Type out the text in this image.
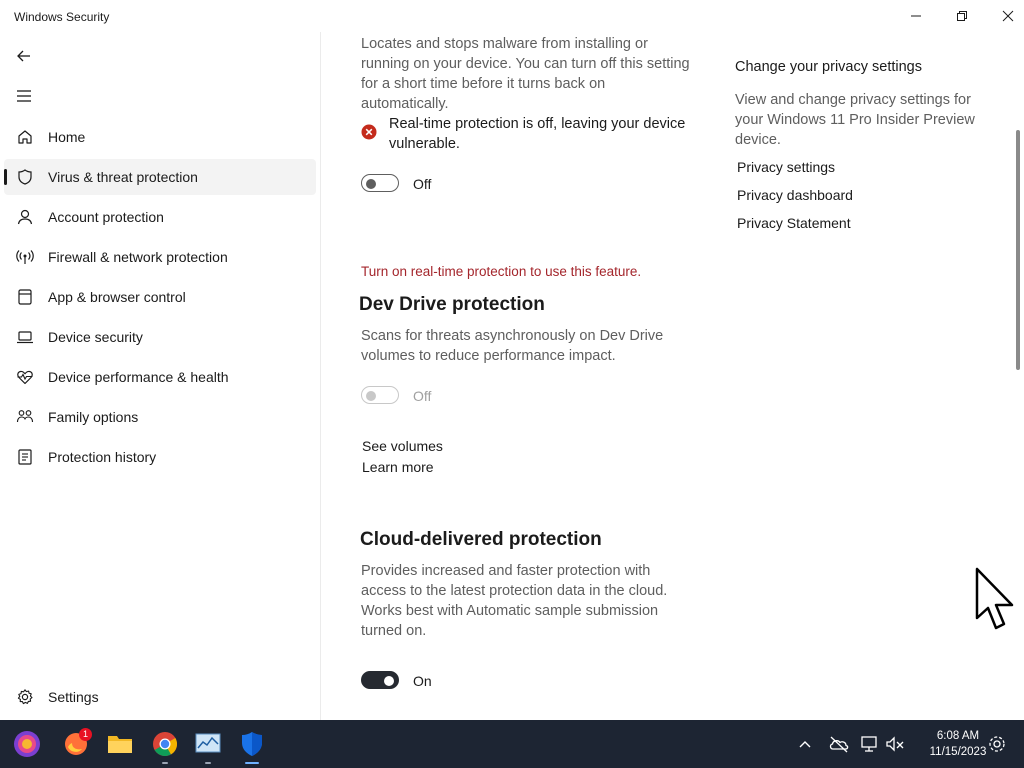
Windows Security
Home
Virus & threat protection
Account protection
Firewall & network protection
App & browser control
Device security
Device performance & health
Family options
Protection history
Settings
Locates and stops malware from installing or running on your device. You can turn off this setting for a short time before it turns back on automatically.
Real-time protection is off, leaving your device vulnerable.
Off
Turn on real-time protection to use this feature.
Dev Drive protection
Scans for threats asynchronously on Dev Drive volumes to reduce performance impact.
Off
See volumes
Learn more
Cloud-delivered protection
Provides increased and faster protection with access to the latest protection data in the cloud. Works best with Automatic sample submission turned on.
On
Change your privacy settings
View and change privacy settings for your Windows 11 Pro Insider Preview device.
Privacy settings
Privacy dashboard
Privacy Statement
1	6:08 AM
11/15/2023
